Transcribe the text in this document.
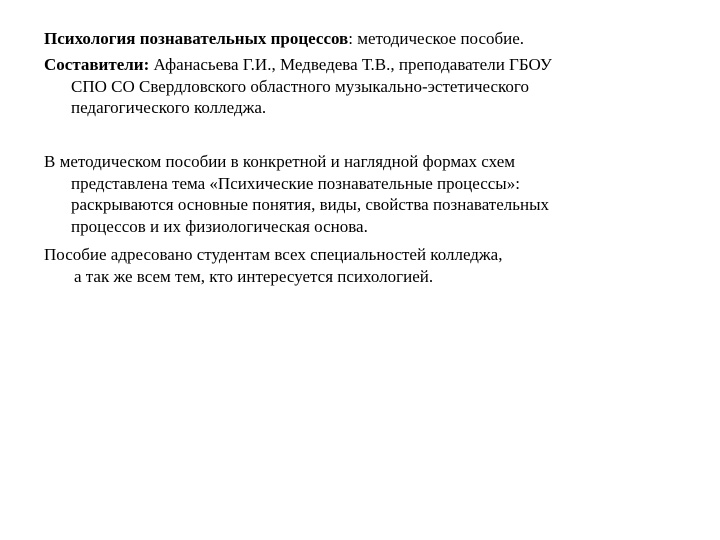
Психология познавательных процессов: методическое пособие.

Составители: Афанасьева Г.И., Медведева Т.В., преподаватели ГБОУ
СПО СО Свердловского областного музыкально-эстетического
педагогического колледжа.

В методическом пособии в конкретной и наглядной формах схем
представлена тема «Психические познавательные процессы»:
раскрываются основные понятия, виды, свойства познавательных
процессов и их физиологическая основа.

Пособие адресовано студентам всех специальностей колледжа,
а так же всем тем, кто интересуется психологией.
